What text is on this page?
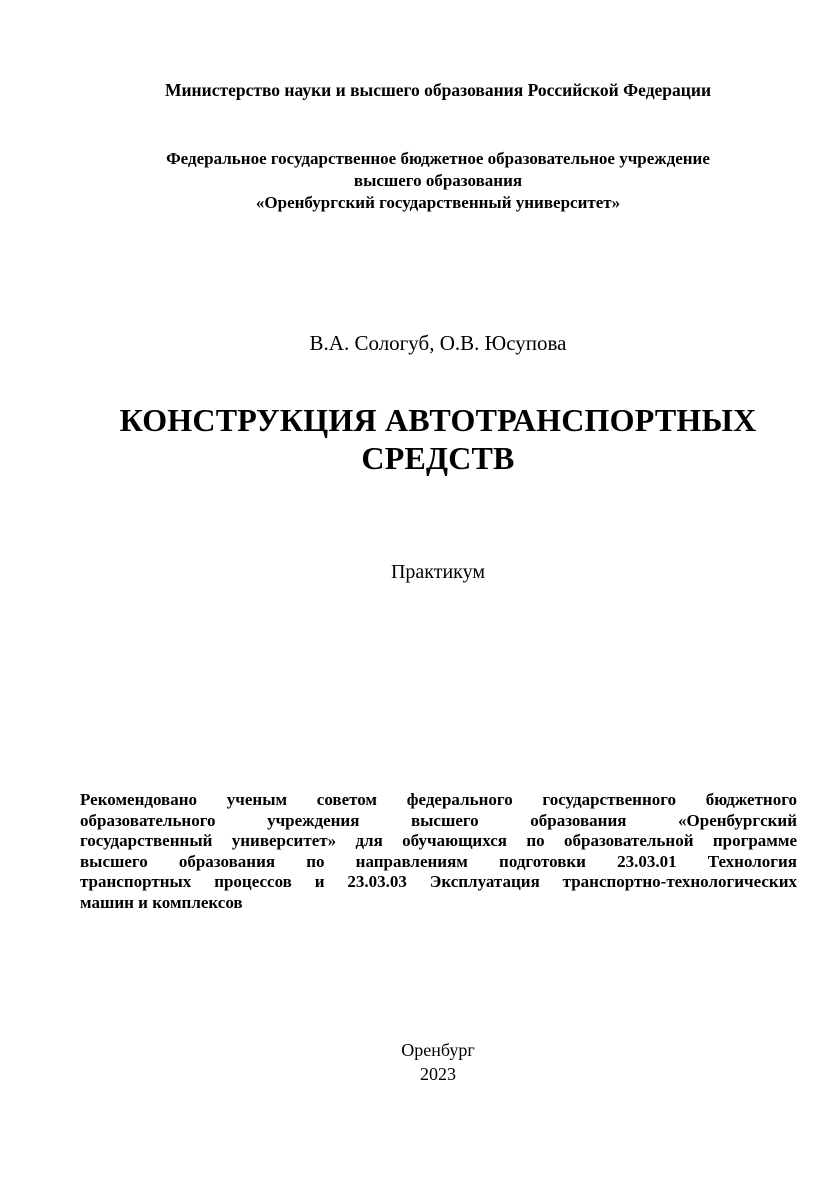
Министерство науки и высшего образования Российской Федерации
Федеральное государственное бюджетное образовательное учреждение
высшего образования
«Оренбургский государственный университет»
В.А. Сологуб, О.В. Юсупова
КОНСТРУКЦИЯ АВТОТРАНСПОРТНЫХ
СРЕДСТВ
Практикум
Рекомендовано ученым советом федерального государственного бюджетного
образовательного учреждения высшего образования «Оренбургский
государственный университет» для обучающихся по образовательной программе
высшего образования по направлениям подготовки 23.03.01 Технология
транспортных процессов и 23.03.03 Эксплуатация транспортно-технологических
машин и комплексов
Оренбург
2023
